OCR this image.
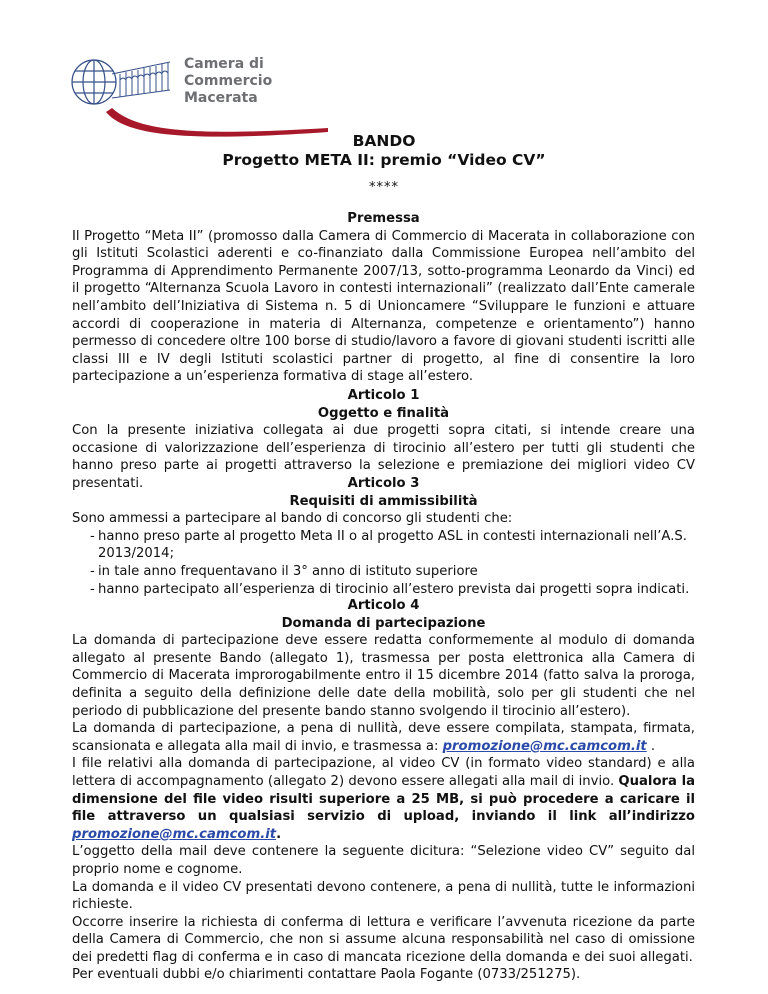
Camera di Commercio
Macerata
BANDO
Progetto META II: premio “Video CV”
****
Premessa
Il Progetto “Meta II” (promosso dalla Camera di Commercio di Macerata in collaborazione con gli Istituti Scolastici aderenti e co-finanziato dalla Commissione Europea nell’ambito del Programma di Apprendimento Permanente 2007/13, sotto-programma Leonardo da Vinci) ed il progetto “Alternanza Scuola Lavoro in contesti internazionali” (realizzato dall’Ente camerale nell’ambito dell’Iniziativa di Sistema n. 5 di Unioncamere “Sviluppare le funzioni e attuare accordi di cooperazione in materia di Alternanza, competenze e orientamento”) hanno permesso di concedere oltre 100 borse di studio/lavoro a favore di giovani studenti iscritti alle classi III e IV degli Istituti scolastici partner di progetto, al fine di consentire la loro partecipazione a un’esperienza formativa di stage all’estero.
Articolo 1
Oggetto e finalità
Con la presente iniziativa collegata ai due progetti sopra citati, si intende creare una occasione di valorizzazione dell’esperienza di tirocinio all’estero per tutti gli studenti che hanno preso parte ai progetti attraverso la selezione e premiazione dei migliori video CV presentati.	Articolo 3
Requisiti di ammissibilità
Sono ammessi a partecipare al bando di concorso gli studenti che:
- hanno preso parte al progetto Meta II o al progetto ASL in contesti internazionali nell’A.S. 2013/2014;
- in tale anno frequentavano il 3° anno di istituto superiore
- hanno partecipato all’esperienza di tirocinio all’estero prevista dai progetti sopra indicati.
Articolo 4
Domanda di partecipazione
La domanda di partecipazione deve essere redatta conformemente al modulo di domanda allegato al presente Bando (allegato 1), trasmessa per posta elettronica alla Camera di Commercio di Macerata improrogabilmente entro il 15 dicembre 2014 (fatto salva la proroga, definita a seguito della definizione delle date della mobilità, solo per gli studenti che nel periodo di pubblicazione del presente bando stanno svolgendo il tirocinio all’estero).
La domanda di partecipazione, a pena di nullità, deve essere compilata, stampata, firmata, scansionata e allegata alla mail di invio, e trasmessa a: promozione@mc.camcom.it .
I file relativi alla domanda di partecipazione, al video CV (in formato video standard) e alla lettera di accompagnamento (allegato 2) devono essere allegati alla mail di invio. Qualora la dimensione del file video risulti superiore a 25 MB, si può procedere a caricare il file attraverso un qualsiasi servizio di upload, inviando il link all’indirizzo promozione@mc.camcom.it.
L’oggetto della mail deve contenere la seguente dicitura: “Selezione video CV” seguito dal proprio nome e cognome.
La domanda e il video CV presentati devono contenere, a pena di nullità, tutte le informazioni richieste.
Occorre inserire la richiesta di conferma di lettura e verificare l’avvenuta ricezione da parte della Camera di Commercio, che non si assume alcuna responsabilità nel caso di omissione dei predetti flag di conferma e in caso di mancata ricezione della domanda e dei suoi allegati.
Per eventuali dubbi e/o chiarimenti contattare Paola Fogante (0733/251275).
